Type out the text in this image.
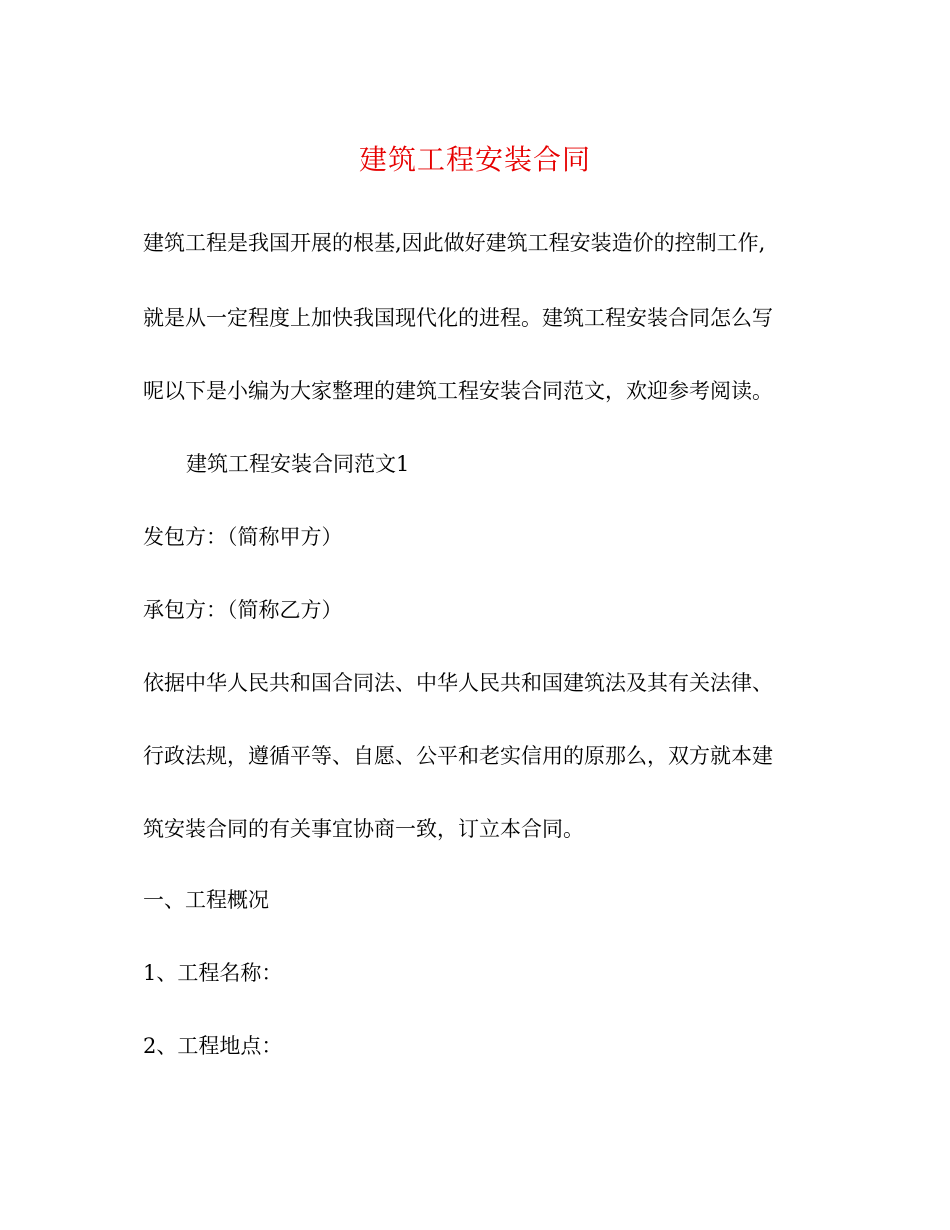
建筑工程安装合同

建筑工程是我国开展的根基,因此做好建筑工程安装造价的控制工作,

就是从一定程度上加快我国现代化的进程。建筑工程安装合同怎么写

呢以下是小编为大家整理的建筑工程安装合同范文，欢迎参考阅读。

建筑工程安装合同范文1

发包方：（简称甲方）

承包方：（简称乙方）

依据中华人民共和国合同法、中华人民共和国建筑法及其有关法律、

行政法规，遵循平等、自愿、公平和老实信用的原那么，双方就本建

筑安装合同的有关事宜协商一致，订立本合同。

一、工程概况

1、工程名称：

2、工程地点：
